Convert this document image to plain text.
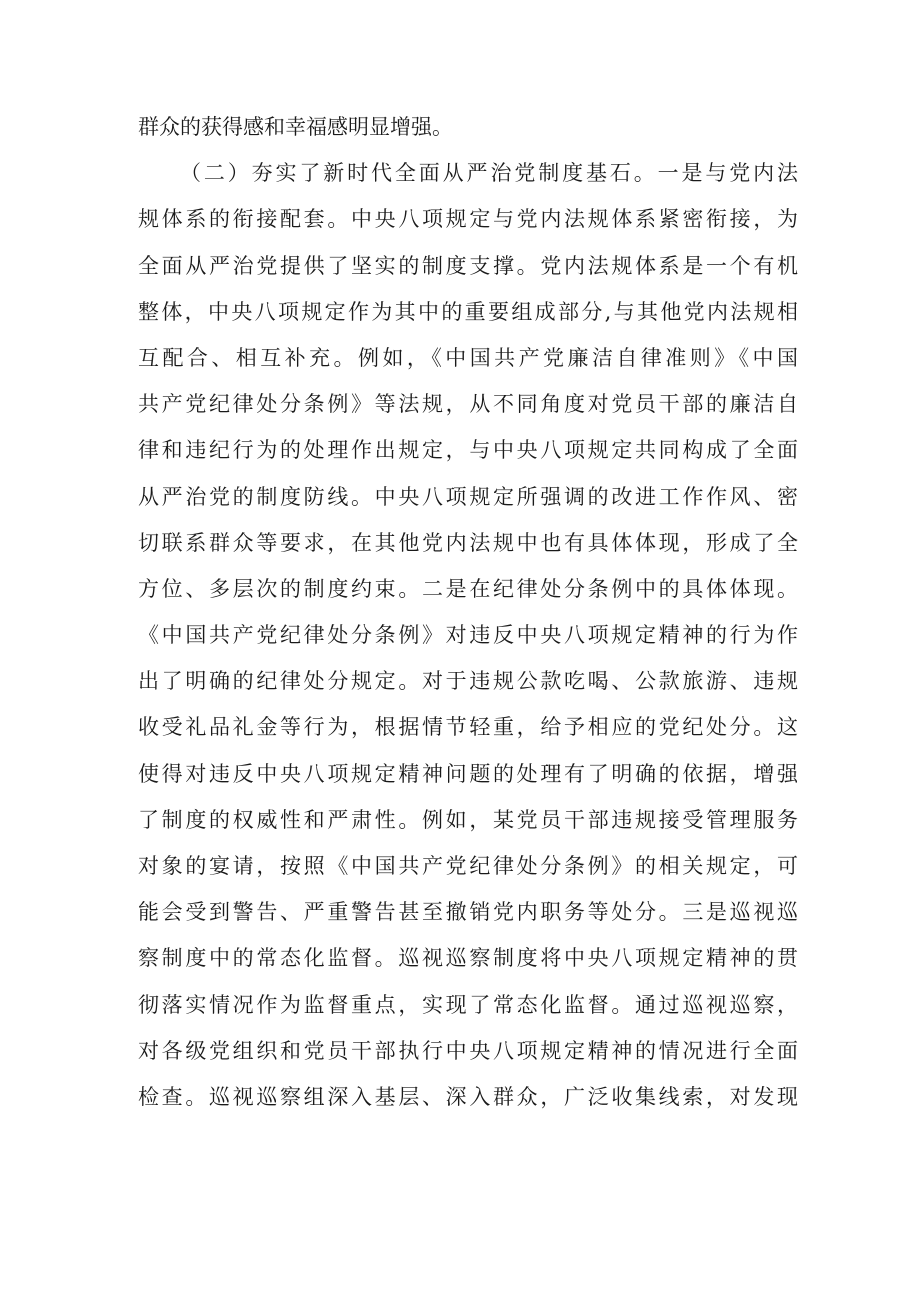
群众的获得感和幸福感明显增强。
（二）夯实了新时代全面从严治党制度基石。一是与党内法
规体系的衔接配套。中央八项规定与党内法规体系紧密衔接，为
全面从严治党提供了坚实的制度支撑。党内法规体系是一个有机
整体，中央八项规定作为其中的重要组成部分,与其他党内法规相
互配合、相互补充。例如，《中国共产党廉洁自律准则》《中国
共产党纪律处分条例》等法规，从不同角度对党员干部的廉洁自
律和违纪行为的处理作出规定，与中央八项规定共同构成了全面
从严治党的制度防线。中央八项规定所强调的改进工作作风、密
切联系群众等要求，在其他党内法规中也有具体体现，形成了全
方位、多层次的制度约束。二是在纪律处分条例中的具体体现。
《中国共产党纪律处分条例》对违反中央八项规定精神的行为作
出了明确的纪律处分规定。对于违规公款吃喝、公款旅游、违规
收受礼品礼金等行为，根据情节轻重，给予相应的党纪处分。这
使得对违反中央八项规定精神问题的处理有了明确的依据，增强
了制度的权威性和严肃性。例如，某党员干部违规接受管理服务
对象的宴请，按照《中国共产党纪律处分条例》的相关规定，可
能会受到警告、严重警告甚至撤销党内职务等处分。三是巡视巡
察制度中的常态化监督。巡视巡察制度将中央八项规定精神的贯
彻落实情况作为监督重点，实现了常态化监督。通过巡视巡察，
对各级党组织和党员干部执行中央八项规定精神的情况进行全面
检查。巡视巡察组深入基层、深入群众，广泛收集线索，对发现
